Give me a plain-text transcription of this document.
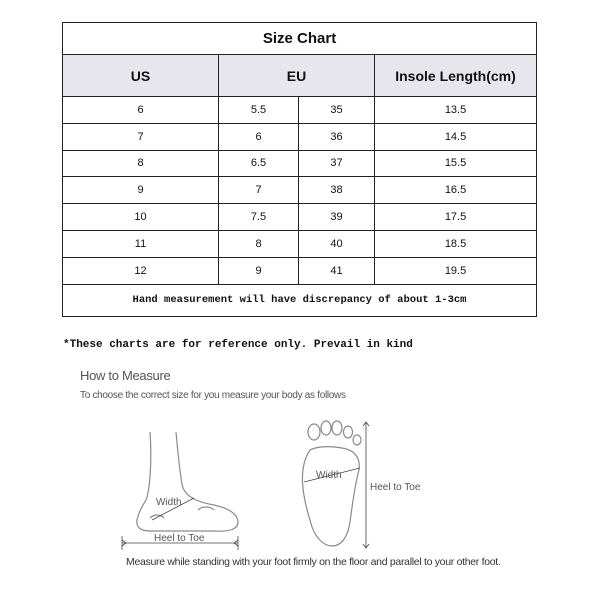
Size Chart			
US	EU		Insole Length(cm)
6	5.5	35	13.5
7	6	36	14.5
8	6.5	37	15.5
9	7	38	16.5
10	7.5	39	17.5
11	8	40	18.5
12	9	41	19.5
Hand measurement will have discrepancy of about 1-3cm			
*These charts are for reference only. Prevail in kind
How to Measure
To choose the correct size for you measure your body as follows
Width
Heel to Toe
Width
Heel to Toe
Measure while standing with your foot firmly on the floor and parallel to your other foot.
